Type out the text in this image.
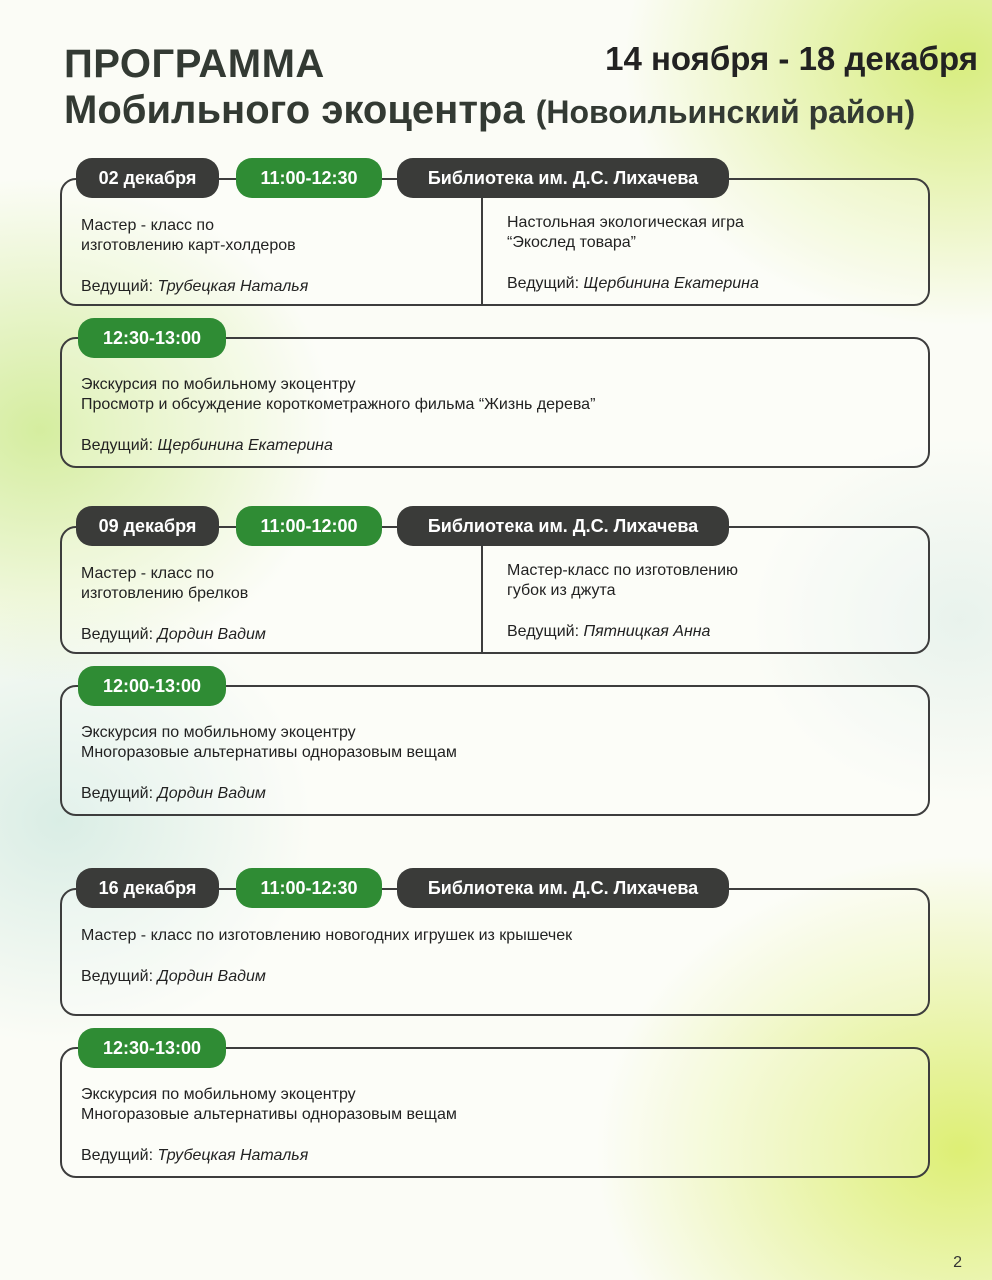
ПРОГРАММА
Мобильного экоцентра (Новоильинский район)
14 ноября - 18 декабря
Мастер - класс по
изготовлению карт-холдеров
Ведущий: Трубецкая Наталья
Настольная экологическая игра
“Экослед товара”
Ведущий: Щербинина Екатерина
02 декабря	11:00-12:30	Библиотека им. Д.С. Лихачева
Экскурсия по мобильному экоцентру
Просмотр и обсуждение короткометражного фильма “Жизнь дерева”
Ведущий: Щербинина Екатерина
12:30-13:00
Мастер - класс по
изготовлению брелков
Ведущий: Дордин Вадим
Мастер-класс по изготовлению
губок из джута
Ведущий: Пятницкая Анна
09 декабря	11:00-12:00	Библиотека им. Д.С. Лихачева
Экскурсия по мобильному экоцентру
Многоразовые альтернативы одноразовым вещам
Ведущий: Дордин Вадим
12:00-13:00
Мастер - класс по изготовлению новогодних игрушек из крышечек
Ведущий: Дордин Вадим
16 декабря	11:00-12:30	Библиотека им. Д.С. Лихачева
Экскурсия по мобильному экоцентру
Многоразовые альтернативы одноразовым вещам
Ведущий: Трубецкая Наталья
12:30-13:00
2
